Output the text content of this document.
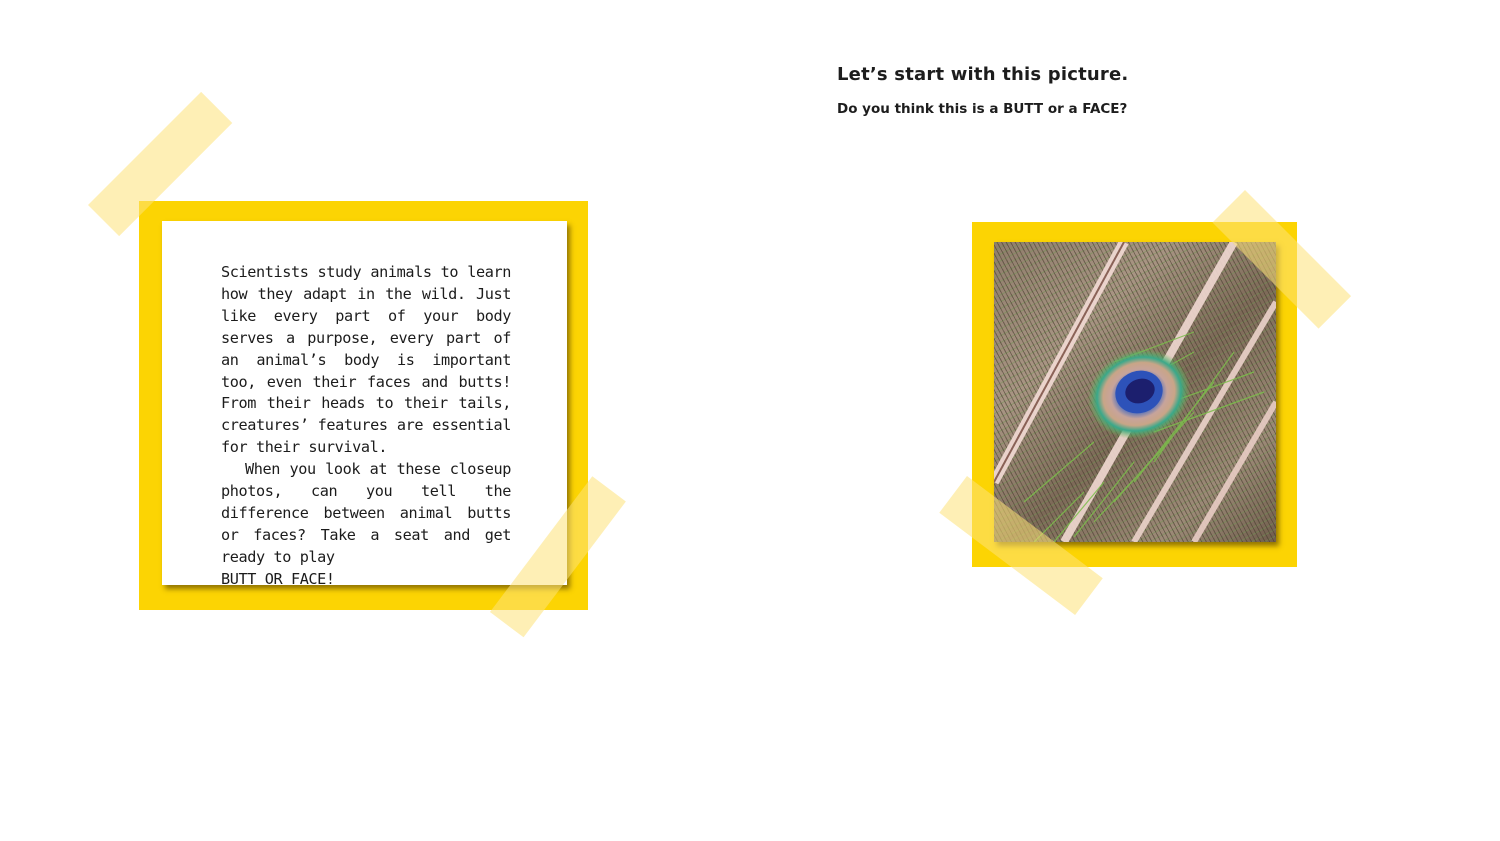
Scientists study animals to learn how they adapt in the wild. Just like every part of your body serves a purpose, every part of an animal’s body is important too, even their faces and butts! From their heads to their tails, creatures’ features are essential for their survival.

When you look at these closeup photos, can you tell the difference between animal butts or faces? Take a seat and get ready to play

BUTT OR FACE!

Let’s start with this picture.
Do you think this is a BUTT or a FACE?
